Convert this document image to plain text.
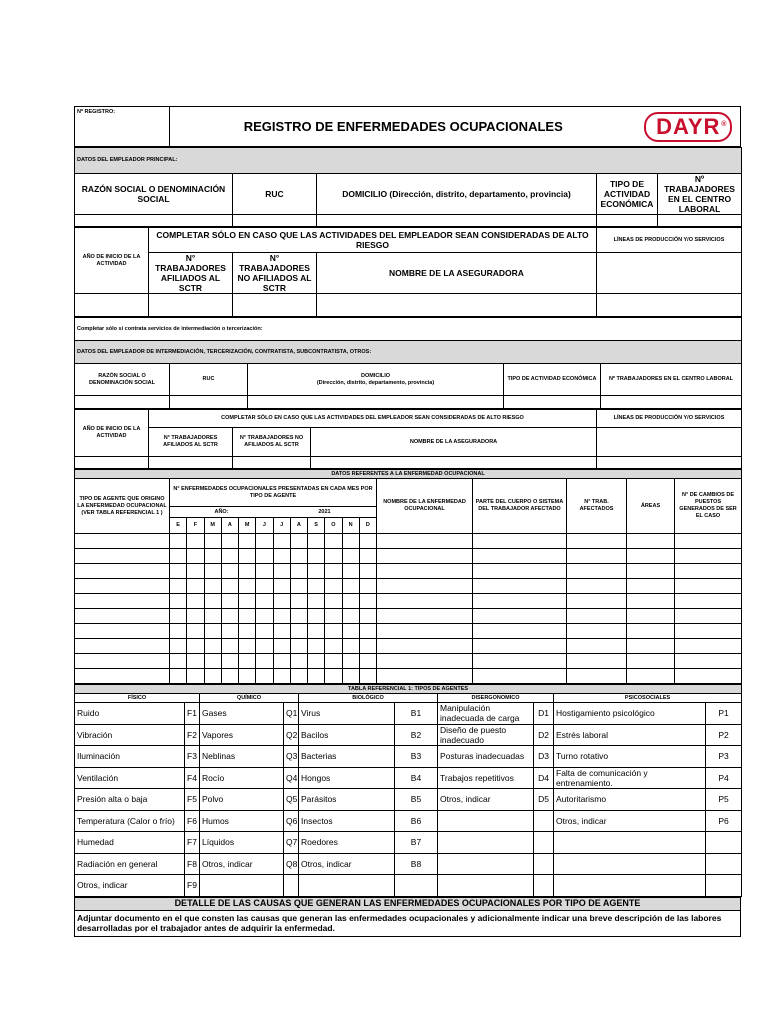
Nº REGISTRO:	REGISTRO DE ENFERMEDADES OCUPACIONALES	DAYR ®
DATOS DEL EMPLEADOR PRINCIPAL:				
RAZÓN SOCIAL O DENOMINACIÓN SOCIAL	RUC	DOMICILIO (Dirección, distrito, departamento, provincia)	TIPO DE ACTIVIDAD ECONÓMICA	Nº TRABAJADORES EN EL CENTRO LABORAL

AÑO DE INICIO DE LA ACTIVIDAD	COMPLETAR SÓLO EN CASO QUE LAS ACTIVIDADES DEL EMPLEADOR SEAN CONSIDERADAS DE ALTO RIESGO			LÍNEAS DE PRODUCCIÓN Y/O SERVICIOS
	N° TRABAJADORES AFILIADOS AL SCTR	N° TRABAJADORES NO AFILIADOS AL SCTR	NOMBRE DE LA ASEGURADORA	

Completar sólo si contrata servicios de intermediación o tercerización:				
DATOS DEL EMPLEADOR DE INTERMEDIACIÓN, TERCERIZACIÓN, CONTRATISTA, SUBCONTRATISTA, OTROS:				
RAZÓN SOCIAL O DENOMINACIÓN SOCIAL	RUC	DOMICILIO
(Dirección, distrito, departamento, provincia)	TIPO DE ACTIVIDAD ECONÓMICA	Nº TRABAJADORES EN EL CENTRO LABORAL

AÑO DE INICIO DE LA ACTIVIDAD	COMPLETAR SÓLO EN CASO QUE LAS ACTIVIDADES DEL EMPLEADOR SEAN CONSIDERADAS DE ALTO RIESGO			LÍNEAS DE PRODUCCIÓN Y/O SERVICIOS
	N° TRABAJADORES AFILIADOS AL SCTR	N° TRABAJADORES NO AFILIADOS AL SCTR	NOMBRE DE LA ASEGURADORA	

DATOS REFERENTES A LA ENFERMEDAD OCUPACIONAL																	
TIPO DE AGENTE QUE ORIGINO LA ENFERMEDAD OCUPACIONAL (VER TABLA REFERENCIAL 1 )	N° ENFERMEDADES OCUPACIONALES PRESENTADAS EN CADA MES POR TIPO DE AGENTE												NOMBRE DE LA ENFERMEDAD OCUPACIONAL	PARTE DEL CUERPO O SISTEMA DEL TRABAJADOR AFECTADO	N° TRAB. AFECTADOS	ÁREAS	N° DE CAMBIOS DE PUESTOS GENERADOS DE SER EL CASO
	AÑO:						2021										
	E	F	M	A	M	J	J	A	S	O	N	D					

TABLA REFERENCIAL 1: TIPOS DE AGENTES									
FÍSICO		QUÍMICO		BIOLÓGICO		DISERGONOMICO		PSICOSOCIALES	
Ruido	F1	Gases	Q1	Virus	B1	Manipulación inadecuada de carga	D1	Hostigamiento psicológico	P1
Vibración	F2	Vapores	Q2	Bacilos	B2	Diseño de puesto inadecuado	D2	Estrés laboral	P2
Iluminación	F3	Neblinas	Q3	Bacterias	B3	Posturas inadecuadas	D3	Turno rotativo	P3
Ventilación	F4	Rocío	Q4	Hongos	B4	Trabajos repetitivos	D4	Falta de comunicación y entrenamiento.	P4
Presión alta o baja	F5	Polvo	Q5	Parásitos	B5	Otros, indicar	D5	Autoritarismo	P5
Temperatura (Calor o frío)	F6	Humos	Q6	Insectos	B6			Otros, indicar	P6
Humedad	F7	Líquidos	Q7	Roedores	B7				
Radiación en general	F8	Otros, indicar	Q8	Otros, indicar	B8				
Otros, indicar	F9								
DETALLE DE LAS CAUSAS QUE GENERAN LAS ENFERMEDADES OCUPACIONALES POR TIPO DE AGENTE
Adjuntar documento en el que consten las causas que generan las enfermedades ocupacionales y adicionalmente indicar una breve descripción de las labores desarrolladas por el trabajador antes de adquirir la enfermedad.
